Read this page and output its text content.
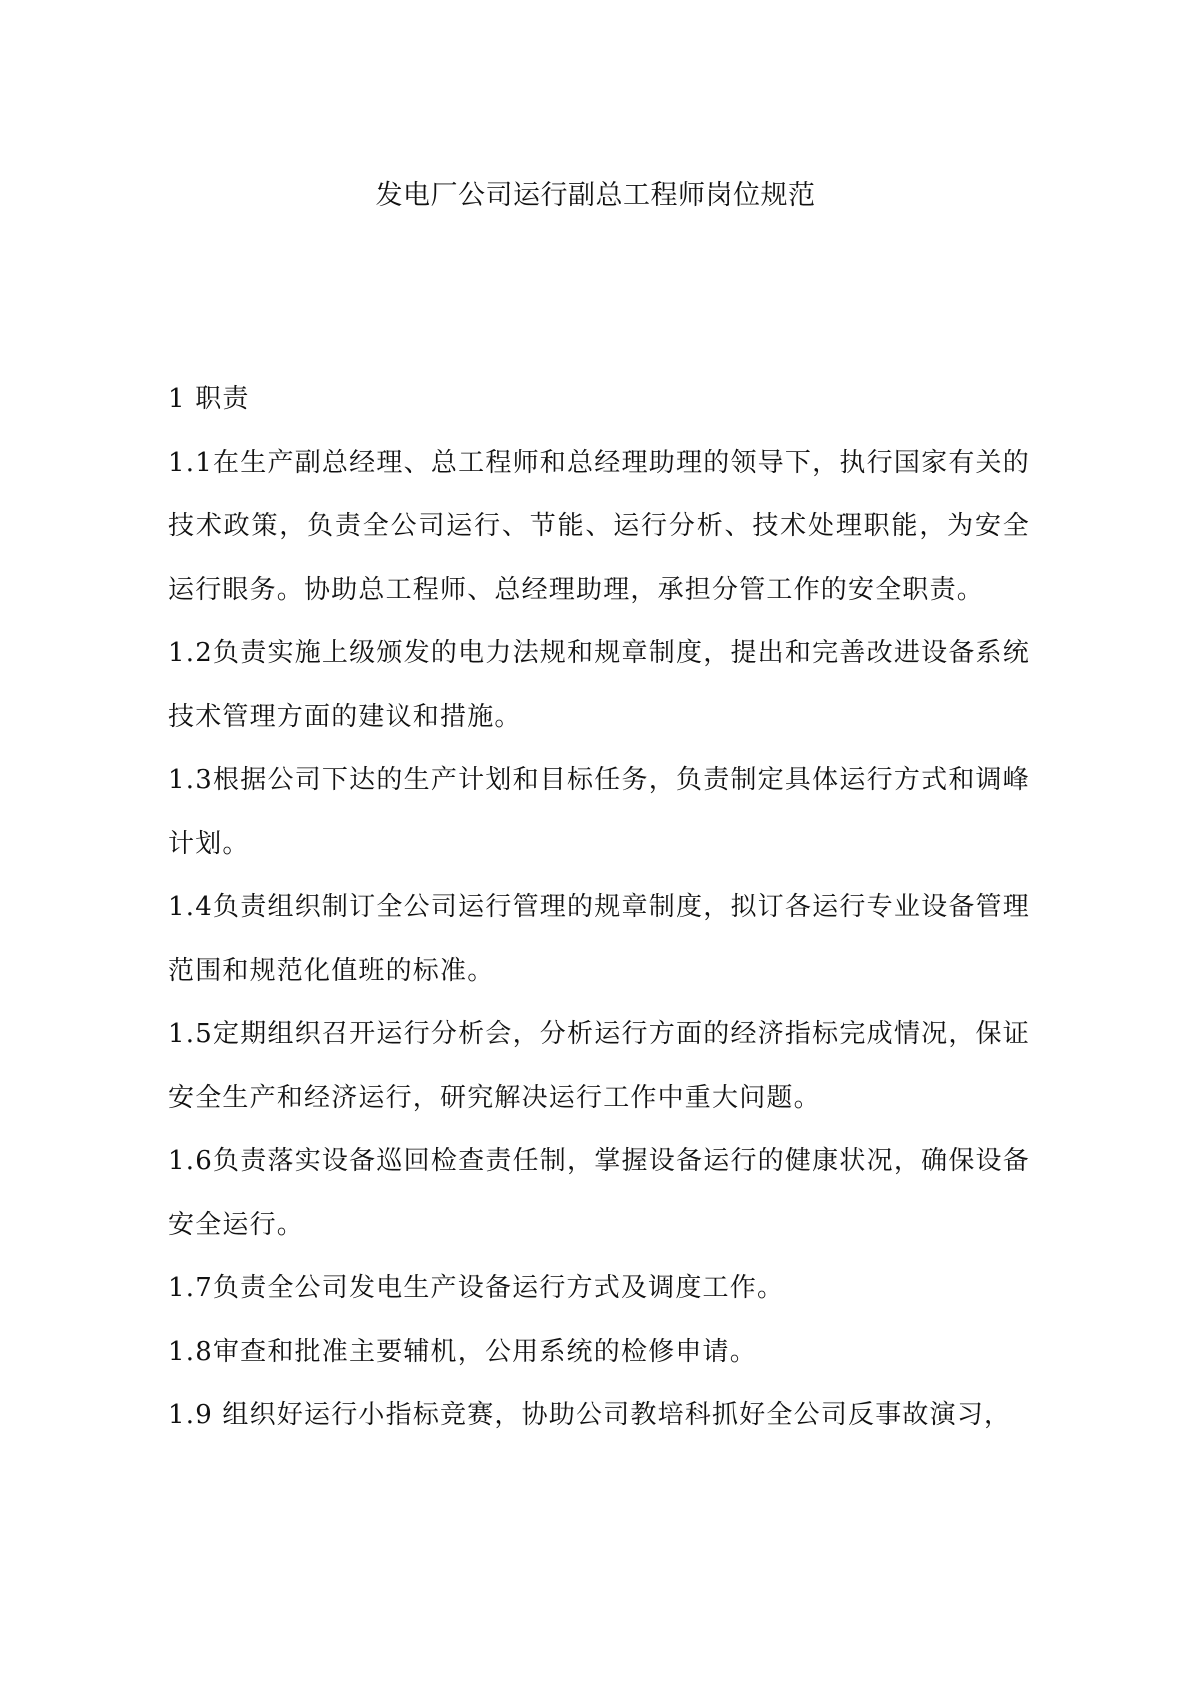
发电厂公司运行副总工程师岗位规范

1 职责

1.1在生产副总经理、总工程师和总经理助理的领导下，执行国家有关的技术政策，负责全公司运行、节能、运行分析、技术处理职能，为安全运行眼务。协助总工程师、总经理助理，承担分管工作的安全职责。

1.2负责实施上级颁发的电力法规和规章制度，提出和完善改进设备系统技术管理方面的建议和措施。

1.3根据公司下达的生产计划和目标任务，负责制定具体运行方式和调峰计划。

1.4负责组织制订全公司运行管理的规章制度，拟订各运行专业设备管理范围和规范化值班的标准。

1.5定期组织召开运行分析会，分析运行方面的经济指标完成情况，保证安全生产和经济运行，研究解决运行工作中重大问题。

1.6负责落实设备巡回检查责任制，掌握设备运行的健康状况，确保设备安全运行。

1.7负责全公司发电生产设备运行方式及调度工作。

1.8审查和批准主要辅机，公用系统的检修申请。

1.9 组织好运行小指标竞赛，协助公司教培科抓好全公司反事故演习，
